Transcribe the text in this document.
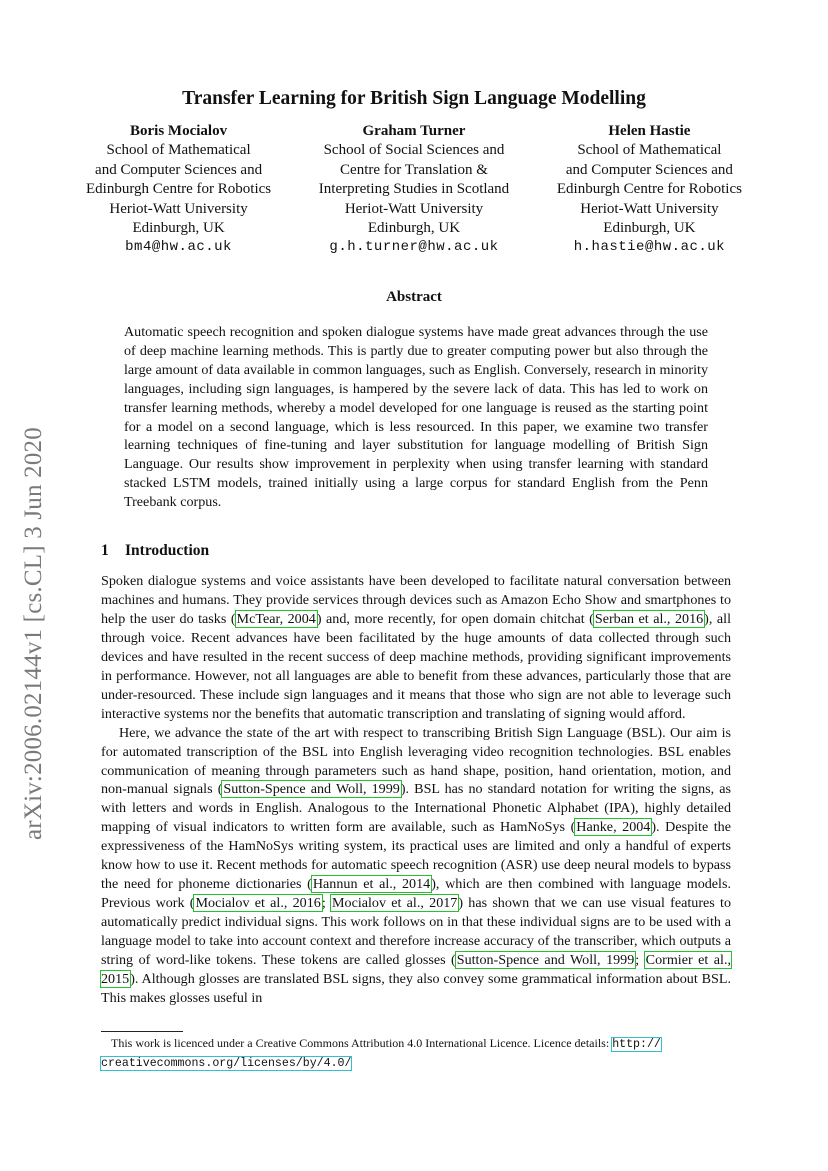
arXiv:2006.02144v1 [cs.CL] 3 Jun 2020
Transfer Learning for British Sign Language Modelling
Boris Mocialov
School of Mathematical
and Computer Sciences and
Edinburgh Centre for Robotics
Heriot-Watt University
Edinburgh, UK
bm4@hw.ac.uk
Graham Turner
School of Social Sciences and
Centre for Translation &
Interpreting Studies in Scotland
Heriot-Watt University
Edinburgh, UK
g.h.turner@hw.ac.uk
Helen Hastie
School of Mathematical
and Computer Sciences and
Edinburgh Centre for Robotics
Heriot-Watt University
Edinburgh, UK
h.hastie@hw.ac.uk
Abstract
Automatic speech recognition and spoken dialogue systems have made great advances through the use of deep machine learning methods. This is partly due to greater computing power but also through the large amount of data available in common languages, such as English. Conversely, research in minority languages, including sign languages, is hampered by the severe lack of data. This has led to work on transfer learning methods, whereby a model developed for one language is reused as the starting point for a model on a second language, which is less resourced. In this paper, we examine two transfer learning techniques of fine-tuning and layer substitution for language modelling of British Sign Language. Our results show improvement in perplexity when using transfer learning with standard stacked LSTM models, trained initially using a large corpus for standard English from the Penn Treebank corpus.
1 Introduction

Spoken dialogue systems and voice assistants have been developed to facilitate natural conversation between machines and humans. They provide services through devices such as Amazon Echo Show and smartphones to help the user do tasks (McTear, 2004) and, more recently, for open domain chitchat (Serban et al., 2016), all through voice. Recent advances have been facilitated by the huge amounts of data collected through such devices and have resulted in the recent success of deep machine methods, providing significant improvements in performance. However, not all languages are able to benefit from these advances, particularly those that are under-resourced. These include sign languages and it means that those who sign are not able to leverage such interactive systems nor the benefits that automatic transcription and translating of signing would afford.

Here, we advance the state of the art with respect to transcribing British Sign Language (BSL). Our aim is for automated transcription of the BSL into English leveraging video recognition technologies. BSL enables communication of meaning through parameters such as hand shape, position, hand orientation, motion, and non-manual signals (Sutton-Spence and Woll, 1999). BSL has no standard notation for writing the signs, as with letters and words in English. Analogous to the International Phonetic Alphabet (IPA), highly detailed mapping of visual indicators to written form are available, such as HamNoSys (Hanke, 2004). Despite the expressiveness of the HamNoSys writing system, its practical uses are limited and only a handful of experts know how to use it. Recent methods for automatic speech recognition (ASR) use deep neural models to bypass the need for phoneme dictionaries (Hannun et al., 2014), which are then combined with language models. Previous work (Mocialov et al., 2016; Mocialov et al., 2017) has shown that we can use visual features to automatically predict individual signs. This work follows on in that these individual signs are to be used with a language model to take into account context and therefore increase accuracy of the transcriber, which outputs a string of word-like tokens. These tokens are called glosses (Sutton-Spence and Woll, 1999; Cormier et al., 2015). Although glosses are translated BSL signs, they also convey some grammatical information about BSL. This makes glosses useful in

This work is licenced under a Creative Commons Attribution 4.0 International Licence. Licence details: http://
creativecommons.org/licenses/by/4.0/
